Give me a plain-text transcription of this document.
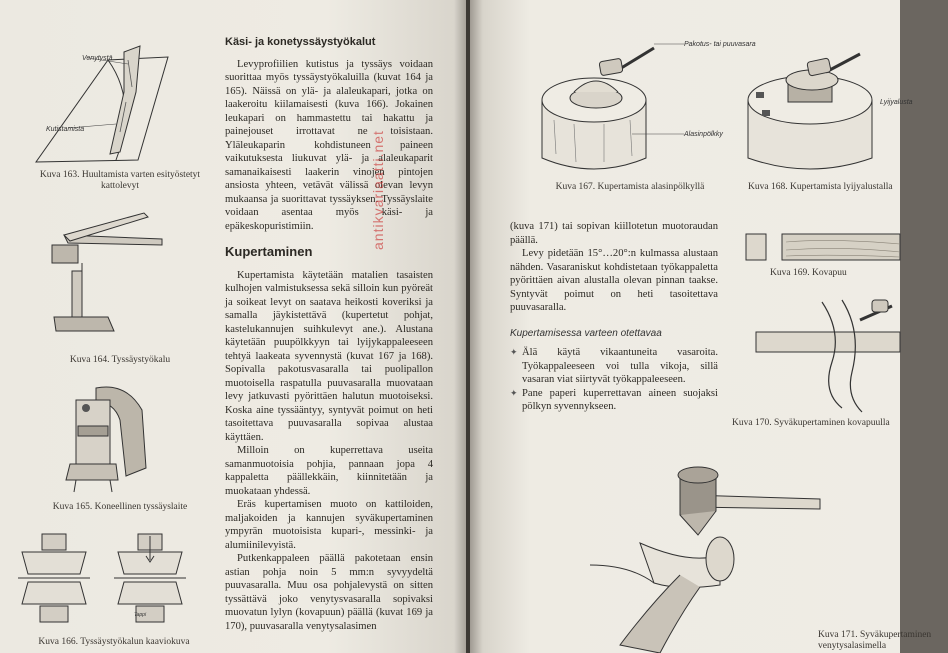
Venytystä
Kutistamista
Kuva 163. Huultamista varten esityöstetyt kattolevyt
Kuva 164. Tyssäystyökalu
Kuva 165. Koneellinen tyssäyslaite
Tappi
Kuva 166. Tyssäystyökalun kaaviokuva
Käsi- ja konetyssäystyökalut

Levyprofiilien kutistus ja tyssäys voidaan suorittaa myös tyssäystyökaluilla (kuvat 164 ja 165). Näissä on ylä- ja alaleukapari, jotka on laakeroitu kiilamaisesti (kuva 166). Jokainen leukapari on hammastettu tai hakattu ja painejouset irrottavat ne toisistaan. Yläleukaparin kohdistuneen paineen vaikutuksesta liukuvat ylä- ja alaleukaparit samanaikaisesti laakerin vinojen pintojen ansiosta yhteen, vetävät välissä olevan levyn mukaansa ja suorittavat tyssäyksen. Tyssäyslaite voidaan asentaa myös käsi- ja epäkeskopuristimiin.

Kupertaminen

Kupertamista käytetään matalien tasaisten kulhojen valmistuksessa sekä silloin kun pyöreät ja soikeat levyt on saatava heikosti koveriksi ja samalla jäykistettävä (kupertetut pohjat, kastelukannujen suihkulevyt ane.). Alustana käytetään puupölkkyyn tai lyijykappaleeseen tehtyä laakeata syvennystä (kuvat 167 ja 168). Sopivalla pakotusvasaralla tai puolipallon muotoisella raspatulla puuvasaralla muovataan levy jatkuvasti pyörittäen halutun muotoiseksi. Koska aine tyssääntyy, syntyvät poimut on heti tasoitettava puuvasaralla sopivaa alustaa käyttäen.

Milloin on kuperrettava useita samanmuotoisia pohjia, pannaan jopa 4 kappaletta päällekkäin, kiinnitetään ja muokataan yhdessä.

Eräs kupertamisen muoto on kattiloiden, maljakoiden ja kannujen syväkupertaminen ympyrän muotoisista kupari-, messinki- ja alumiinilevyistä.

Putkenkappaleen päällä pakotetaan ensin astian pohja noin 5 mm:n syvyydeltä puuvasaralla. Muu osa pohjalevystä on sitten tyssättävä joko venytysvasaralla sopivaksi muovatun lylyn (kovapuun) päällä (kuvat 169 ja 170), puuvasaralla venytysalasimen

antikvariaatti.net
Pakotus- tai puuvasara
Alasinpölkky
Kuva 167. Kupertamista alasinpölkyllä
Lyijyalusta
Kuva 168. Kupertamista lyijyalustalla

(kuva 171) tai sopivan kiillotetun muotoraudan päällä.

Levy pidetään 15°…20°:n kulmassa alustaan nähden. Vasaraniskut kohdistetaan työkappaletta pyörittäen aivan alustalla olevan pinnan taakse. Syntyvät poimut on heti tasoitettava puuvasaralla.

Kupertamisessa varteen otettavaa
✦ Älä käytä vikaantuneita vasaroita. Työkappaleeseen voi tulla vikoja, sillä vasaran viat siirtyvät työkappaleeseen.
✦ Pane paperi kuperrettavan aineen suojaksi pölkyn syvennykseen.
Kuva 169. Kovapuu
Kuva 170. Syväkupertaminen kovapuulla
Kuva 171. Syväkupertaminen
venytysalasimella
